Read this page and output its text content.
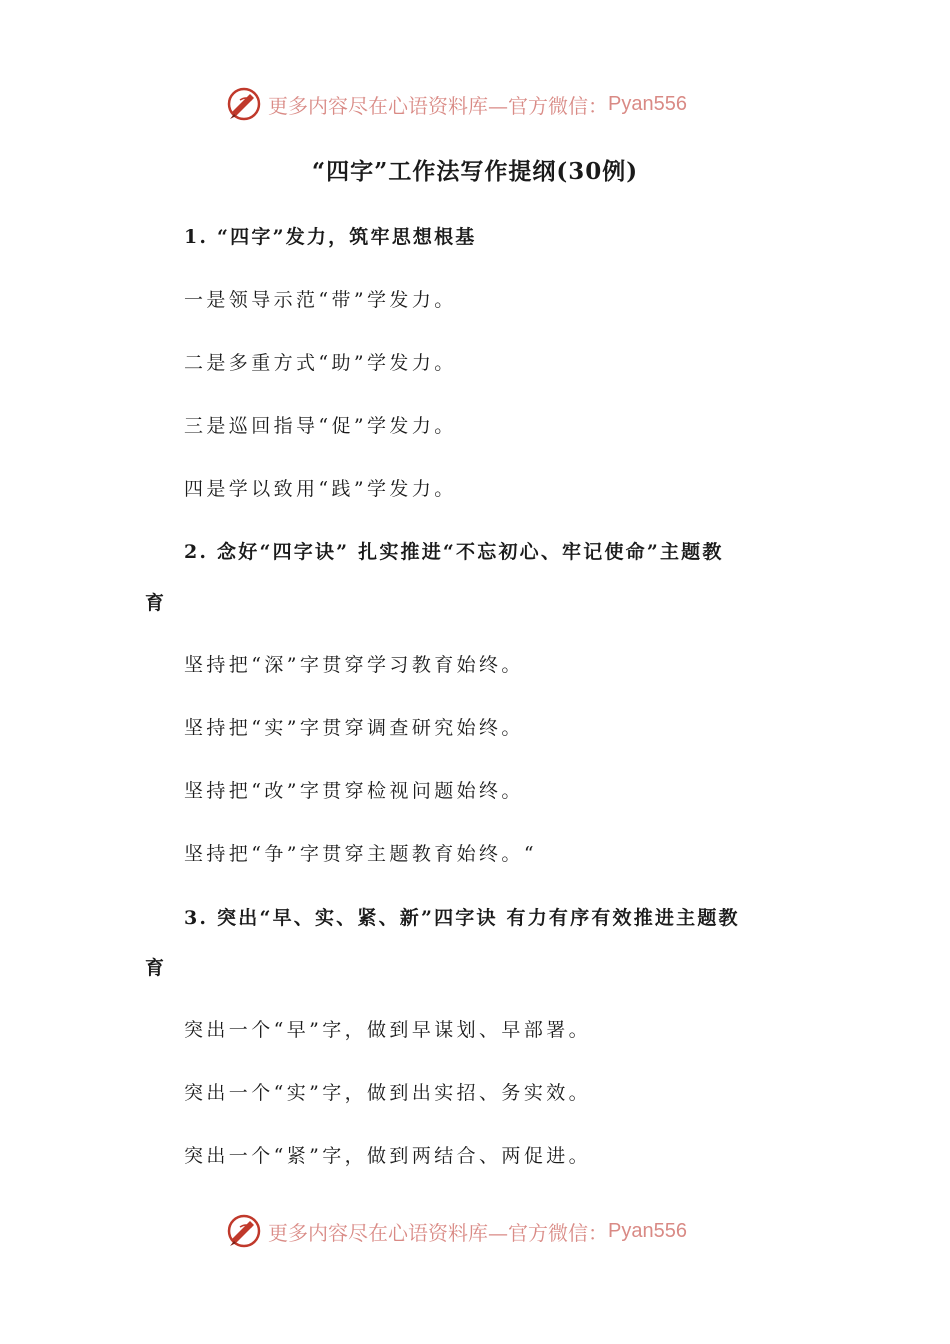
更多内容尽在心语资料库—官方微信： Pyan556
“四字”工作法写作提纲(30例)
1. “四字”发力，筑牢思想根基
一是领导示范“带”学发力。
二是多重方式“助”学发力。
三是巡回指导“促”学发力。
四是学以致用“践”学发力。
2. 念好“四字诀” 扎实推进“不忘初心、牢记使命”主题教
育
坚持把“深”字贯穿学习教育始终。
坚持把“实”字贯穿调查研究始终。
坚持把“改”字贯穿检视问题始终。
坚持把“争”字贯穿主题教育始终。“
3. 突出“早、实、紧、新”四字诀 有力有序有效推进主题教
育
突出一个“早”字，做到早谋划、早部署。
突出一个“实”字，做到出实招、务实效。
突出一个“紧”字，做到两结合、两促进。
更多内容尽在心语资料库—官方微信： Pyan556
